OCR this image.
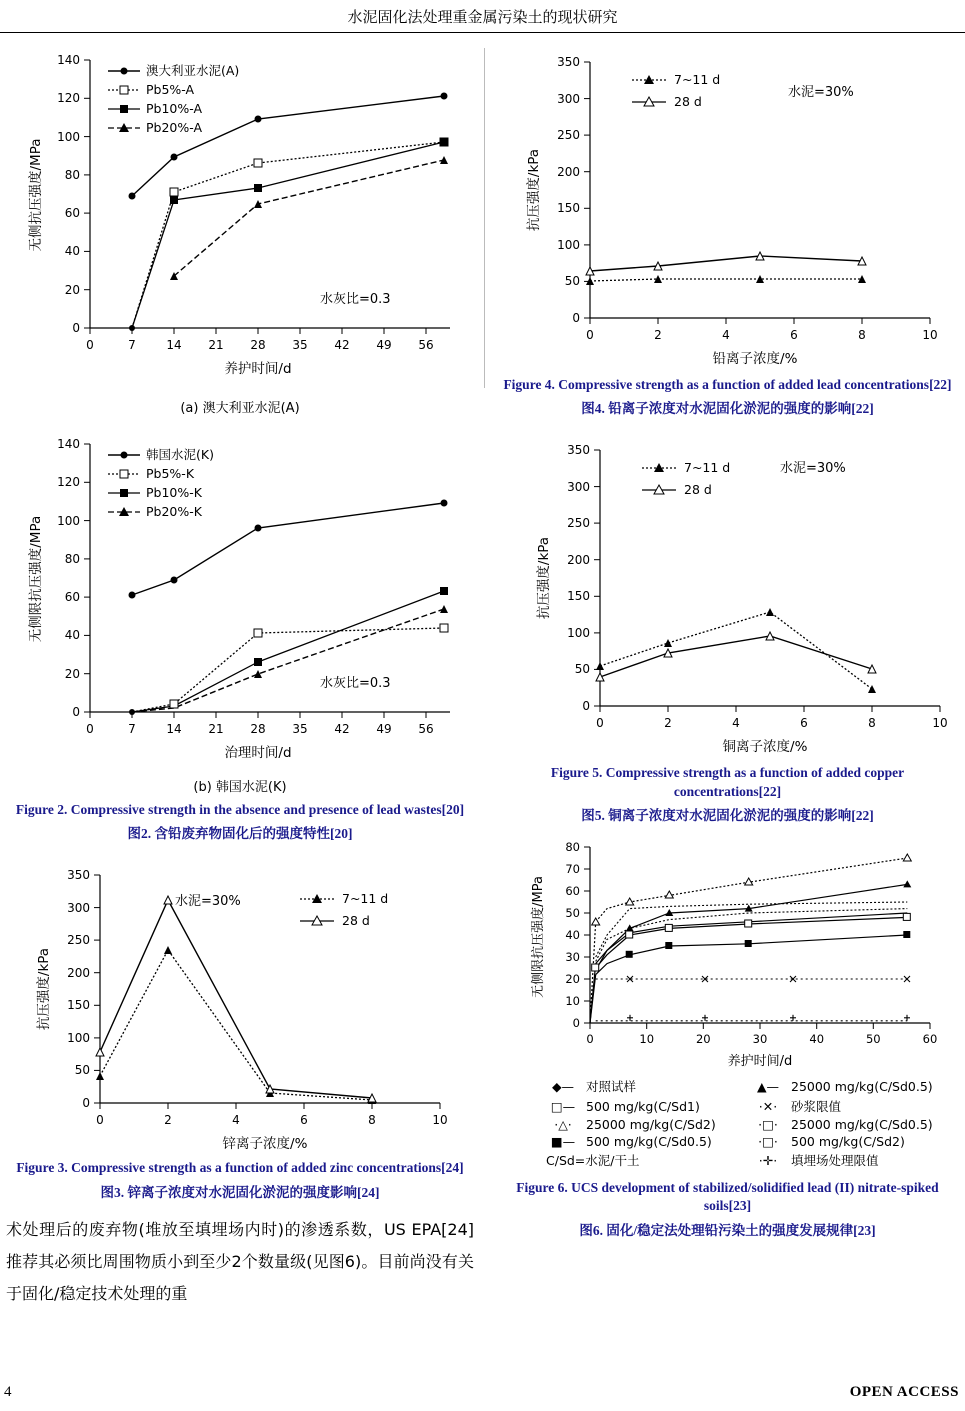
水泥固化法处理重金属污染土的现状研究
0
20
40
60
80
100
120
140
0	7	14 21 28 35 42 49 56
澳大利亚水泥(A)
Pb5%-A
Pb10%-A
Pb20%-A
水灰比=0.3
养护时间/d
无侧抗压强度/MPa
(a) 澳大利亚水泥(A)
0
20
40
60
80
100
120
140
0	7	14 21 28 35 42 49 56
韩国水泥(K)
Pb5%-K
Pb10%-K
Pb20%-K
水灰比=0.3
治理时间/d
无侧限抗压强度/MPa
(b) 韩国水泥(K)
Figure 2. Compressive strength in the absence and presence of lead wastes[20]
图2. 含铅废弃物固化后的强度特性[20]
0
50
100
150
200
250
300
350
0	2	4	6	8	10
7~11 d
28 d
水泥=30%
锌离子浓度/%
抗压强度/kPa
Figure 3. Compressive strength as a function of added zinc concentrations[24]
图3. 锌离子浓度对水泥固化淤泥的强度影响[24]
术处理后的废弃物(堆放至填埋场内时)的渗透系数，US EPA[24]推荐其必须比周围物质小到至少2个数量级(见图6)。目前尚没有关于固化/稳定技术处理的重
0
50
100
150
200
250
300
350
0	2	4	6	8	10
7~11 d
28 d
水泥=30%
铅离子浓度/%
抗压强度/kPa
Figure 4. Compressive strength as a function of added lead concentrations[22]
图4. 铅离子浓度对水泥固化淤泥的强度的影响[22]
0
50
100
150
200
250
300
350
0	2	4	6	8	10
7~11 d
28 d
水泥=30%
铜离子浓度/%
抗压强度/kPa
Figure 5. Compressive strength as a function of added copper concentrations[22]
图5. 铜离子浓度对水泥固化淤泥的强度的影响[22]
0
10
20
30
40
50
60
70
80
0	10	20	30	40	50	60
养护时间/d
无侧限抗压强度/MPa
◆— 对照试样	▲— 25000 mg/kg(C/Sd0.5)
□— 500 mg/kg(C/Sd1)	·✕·	砂浆限值
·△·	25000 mg/kg(C/Sd2)	·□·	25000 mg/kg(C/Sd0.5)
■— 500 mg/kg(C/Sd0.5)	·□·	500 mg/kg(C/Sd2)
C/Sd=水泥/干土	·✛·	填埋场处理限值
Figure 6. UCS development of stabilized/solidified lead (II) nitrate-spiked soils[23]
图6. 固化/稳定法处理铅污染土的强度发展规律[23]
4	OPEN ACCESS
